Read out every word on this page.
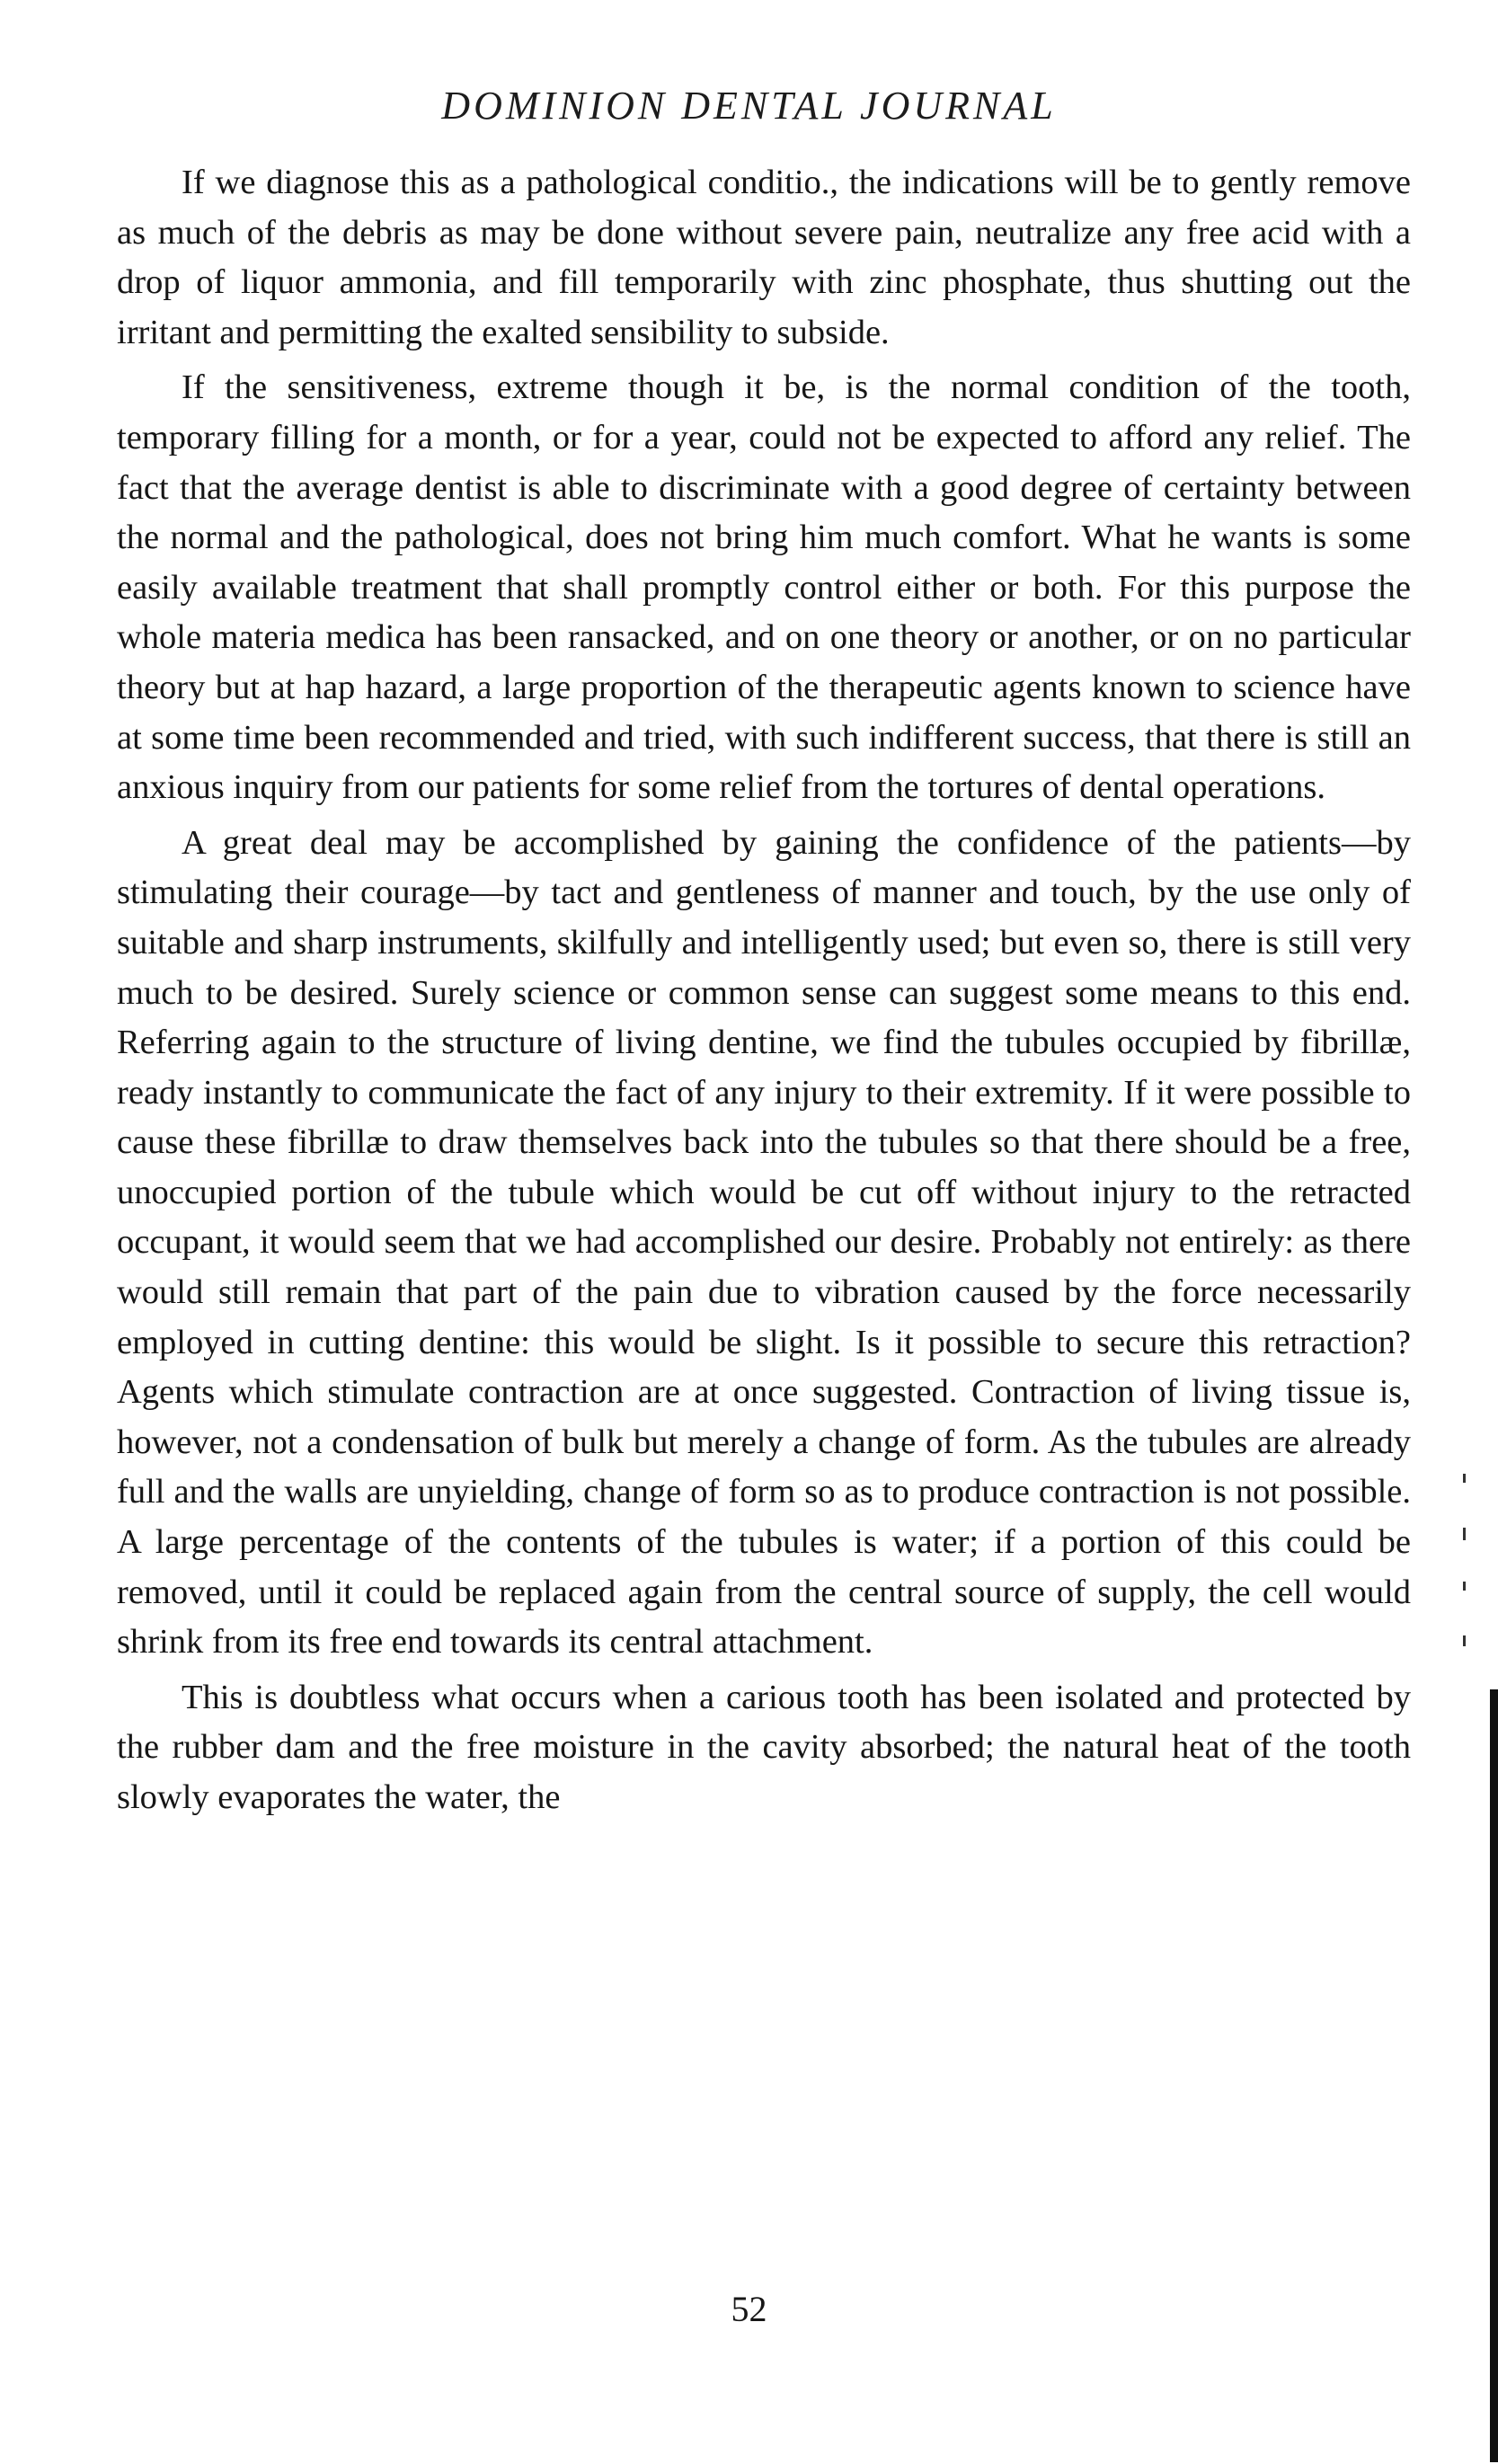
DOMINION DENTAL JOURNAL

If we diagnose this as a pathological conditio., the indications will be to gently remove as much of the debris as may be done without severe pain, neutralize any free acid with a drop of liquor ammonia, and fill temporarily with zinc phosphate, thus shutting out the irritant and permitting the exalted sensibility to subside.

If the sensitiveness, extreme though it be, is the normal condition of the tooth, temporary filling for a month, or for a year, could not be expected to afford any relief. The fact that the average dentist is able to discriminate with a good degree of certainty between the normal and the pathological, does not bring him much comfort. What he wants is some easily available treatment that shall promptly control either or both. For this purpose the whole materia medica has been ransacked, and on one theory or another, or on no particular theory but at hap hazard, a large proportion of the therapeutic agents known to science have at some time been recommended and tried, with such indifferent success, that there is still an anxious inquiry from our patients for some relief from the tortures of dental operations.

A great deal may be accomplished by gaining the confidence of the patients—by stimulating their courage—by tact and gentleness of manner and touch, by the use only of suitable and sharp instruments, skilfully and intelligently used; but even so, there is still very much to be desired. Surely science or common sense can suggest some means to this end. Referring again to the structure of living dentine, we find the tubules occupied by fibrillæ, ready instantly to communicate the fact of any injury to their extremity. If it were possible to cause these fibrillæ to draw themselves back into the tubules so that there should be a free, unoccupied portion of the tubule which would be cut off without injury to the retracted occupant, it would seem that we had accomplished our desire. Probably not entirely: as there would still remain that part of the pain due to vibration caused by the force necessarily employed in cutting dentine: this would be slight. Is it possible to secure this retraction? Agents which stimulate contraction are at once suggested. Contraction of living tissue is, however, not a condensation of bulk but merely a change of form. As the tubules are already full and the walls are unyielding, change of form so as to produce contraction is not possible. A large percentage of the contents of the tubules is water; if a portion of this could be removed, until it could be replaced again from the central source of supply, the cell would shrink from its free end towards its central attachment.

This is doubtless what occurs when a carious tooth has been isolated and protected by the rubber dam and the free moisture in the cavity absorbed; the natural heat of the tooth slowly evaporates the water, the

52
